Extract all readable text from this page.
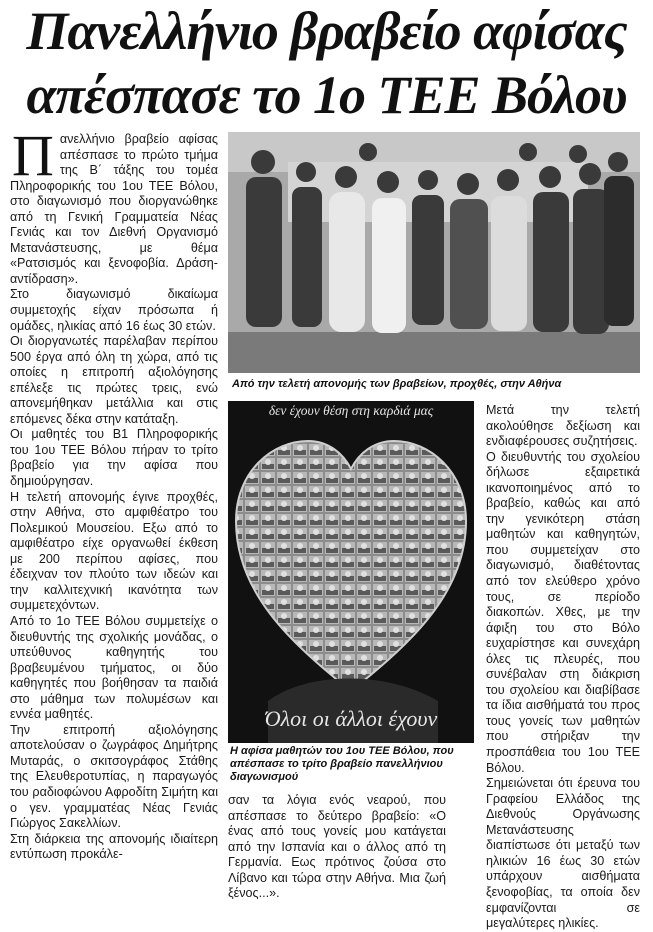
Πανελλήνιο βραβείο αφίσας
απέσπασε το 1ο ΤΕΕ Βόλου

Πανελλήνιο βραβείο αφίσας απέσπασε το πρώτο τμήμα της Β΄ τάξης του τομέα Πληροφορικής του 1ου ΤΕΕ Βόλου, στο διαγωνισμό που διοργανώθηκε από τη Γενική Γραμματεία Νέας Γενιάς και τον Διεθνή Οργανισμό Μετανάστευσης, με θέμα «Ρατσισμός και ξενοφοβία. Δράση-αντίδραση».

Στο διαγωνισμό δικαίωμα συμμετοχής είχαν πρόσωπα ή ομάδες, ηλικίας από 16 έως 30 ετών.

Οι διοργανωτές παρέλαβαν περίπου 500 έργα από όλη τη χώρα, από τις οποίες η επιτροπή αξιολόγησης επέλεξε τις πρώτες τρεις, ενώ απονεμήθηκαν μετάλλια και στις επόμενες δέκα στην κατάταξη.

Οι μαθητές του Β1 Πληροφορικής του 1ου ΤΕΕ Βόλου πήραν το τρίτο βραβείο για την αφίσα που δημιούργησαν.

Η τελετή απονομής έγινε προχθές, στην Αθήνα, στο αμφιθέατρο του Πολεμικού Μουσείου. Εξω από το αμφιθέατρο είχε οργανωθεί έκθεση με 200 περίπου αφίσες, που έδειχναν τον πλούτο των ιδεών και την καλλιτεχνική ικανότητα των συμμετεχόντων.

Από το 1ο ΤΕΕ Βόλου συμμετείχε ο διευθυντής της σχολικής μονάδας, ο υπεύθυνος καθηγητής του βραβευμένου τμήματος, οι δύο καθηγητές που βοήθησαν τα παιδιά στο μάθημα των πολυμέσων και εννέα μαθητές.

Την επιτροπή αξιολόγησης αποτελούσαν ο ζωγράφος Δημήτρης Μυταράς, ο σκιτσογράφος Στάθης της Ελευθεροτυπίας, η παραγωγός του ραδιοφώνου Αφροδίτη Σιμήτη και ο γεν. γραμματέας Νέας Γενιάς Γιώργος Σακελλίων.

Στη διάρκεια της απονομής ιδιαίτερη εντύπωση προκάλε-

Από την τελετή απονομής των βραβείων, προχθές, στην Αθήνα
δεν έχουν θέση στη καρδιά μας
Όλοι οι άλλοι έχουν
Η αφίσα μαθητών του 1ου ΤΕΕ Βόλου, που απέσπασε το τρίτο βραβείο πανελλήνιου διαγωνισμού

σαν τα λόγια ενός νεαρού, που απέσπασε το δεύτερο βραβείο: «Ο ένας από τους γονείς μου κατάγεται από την Ισπανία και ο άλλος από τη Γερμανία. Εως πρότινος ζούσα στο Λίβανο και τώρα στην Αθήνα. Μια ζωή ξένος...».

Μετά την τελετή ακολούθησε δεξίωση και ενδιαφέρουσες συζητήσεις.

Ο διευθυντής του σχολείου δήλωσε εξαιρετικά ικανοποιημένος από το βραβείο, καθώς και από την γενικότερη στάση μαθητών και καθηγητών, που συμμετείχαν στο διαγωνισμό, διαθέτοντας από τον ελεύθερο χρόνο τους, σε περίοδο διακοπών. Χθες, με την άφιξη του στο Βόλο ευχαρίστησε και συνεχάρη όλες τις πλευρές, που συνέβαλαν στη διάκριση του σχολείου και διαβίβασε τα ίδια αισθήματά του προς τους γονείς των μαθητών που στήριξαν την προσπάθεια του 1ου ΤΕΕ Βόλου.

Σημειώνεται ότι έρευνα του Γραφείου Ελλάδος της Διεθνούς Οργάνωσης Μετανάστευσης διαπίστωσε ότι μεταξύ των ηλικιών 16 έως 30 ετών υπάρχουν αισθήματα ξενοφοβίας, τα οποία δεν εμφανίζονται σε μεγαλύτερες ηλικίες.
